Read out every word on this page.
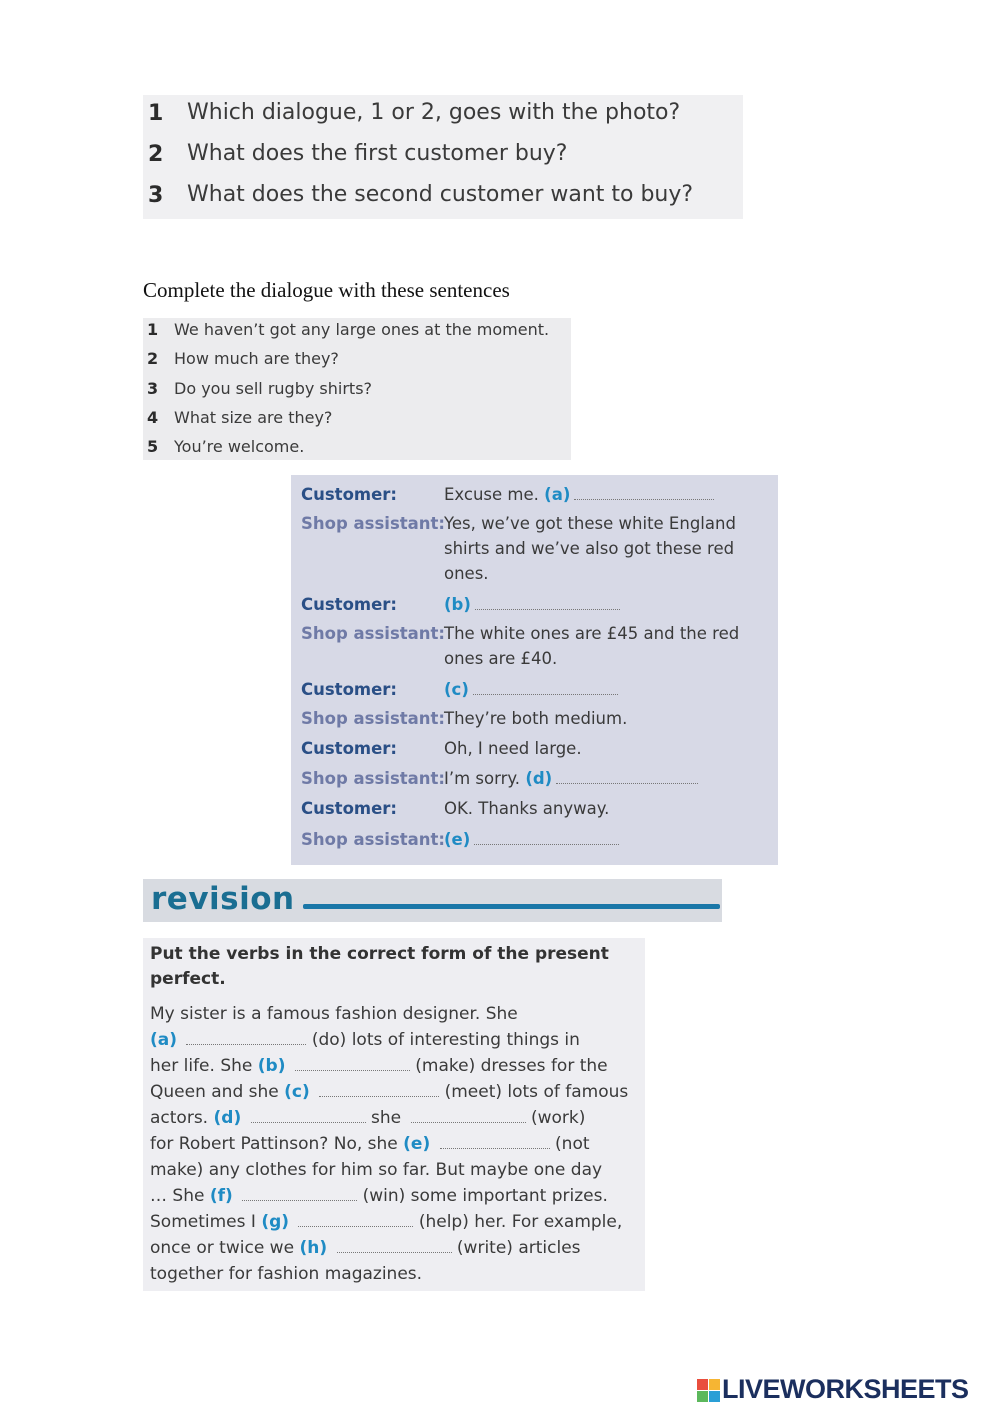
1 Which dialogue, 1 or 2, goes with the photo?
2 What does the first customer buy?
3 What does the second customer want to buy?
Complete the dialogue with these sentences
1 We haven’t got any large ones at the moment.
2 How much are they?
3 Do you sell rugby shirts?
4 What size are they?
5 You’re welcome.
Customer:	Excuse me. (a)
Shop assistant:
Yes, we’ve got these white England shirts and we’ve also got these red ones.
Customer:	(b)
Shop assistant:
The white ones are £45 and the red ones are £40.
Customer:	(c)
Shop assistant:
They’re both medium.
Customer:	Oh, I need large.
Shop assistant:
I’m sorry. (d)
Customer:	OK. Thanks anyway.
Shop assistant:
(e)
revision
Put the verbs in the correct form of the present perfect.
My sister is a famous fashion designer. She
(a)	(do) lots of interesting things in
her life. She (b)	(make) dresses for the
Queen and she (c)	(meet) lots of famous
actors. (d)	she	(work)
for Robert Pattinson? No, she (e)	(not
make) any clothes for him so far. But maybe one day
… She (f)	(win) some important prizes.
Sometimes I (g)	(help) her. For example,
once or twice we (h)	(write) articles
together for fashion magazines.
LIVEWORKSHEETS
